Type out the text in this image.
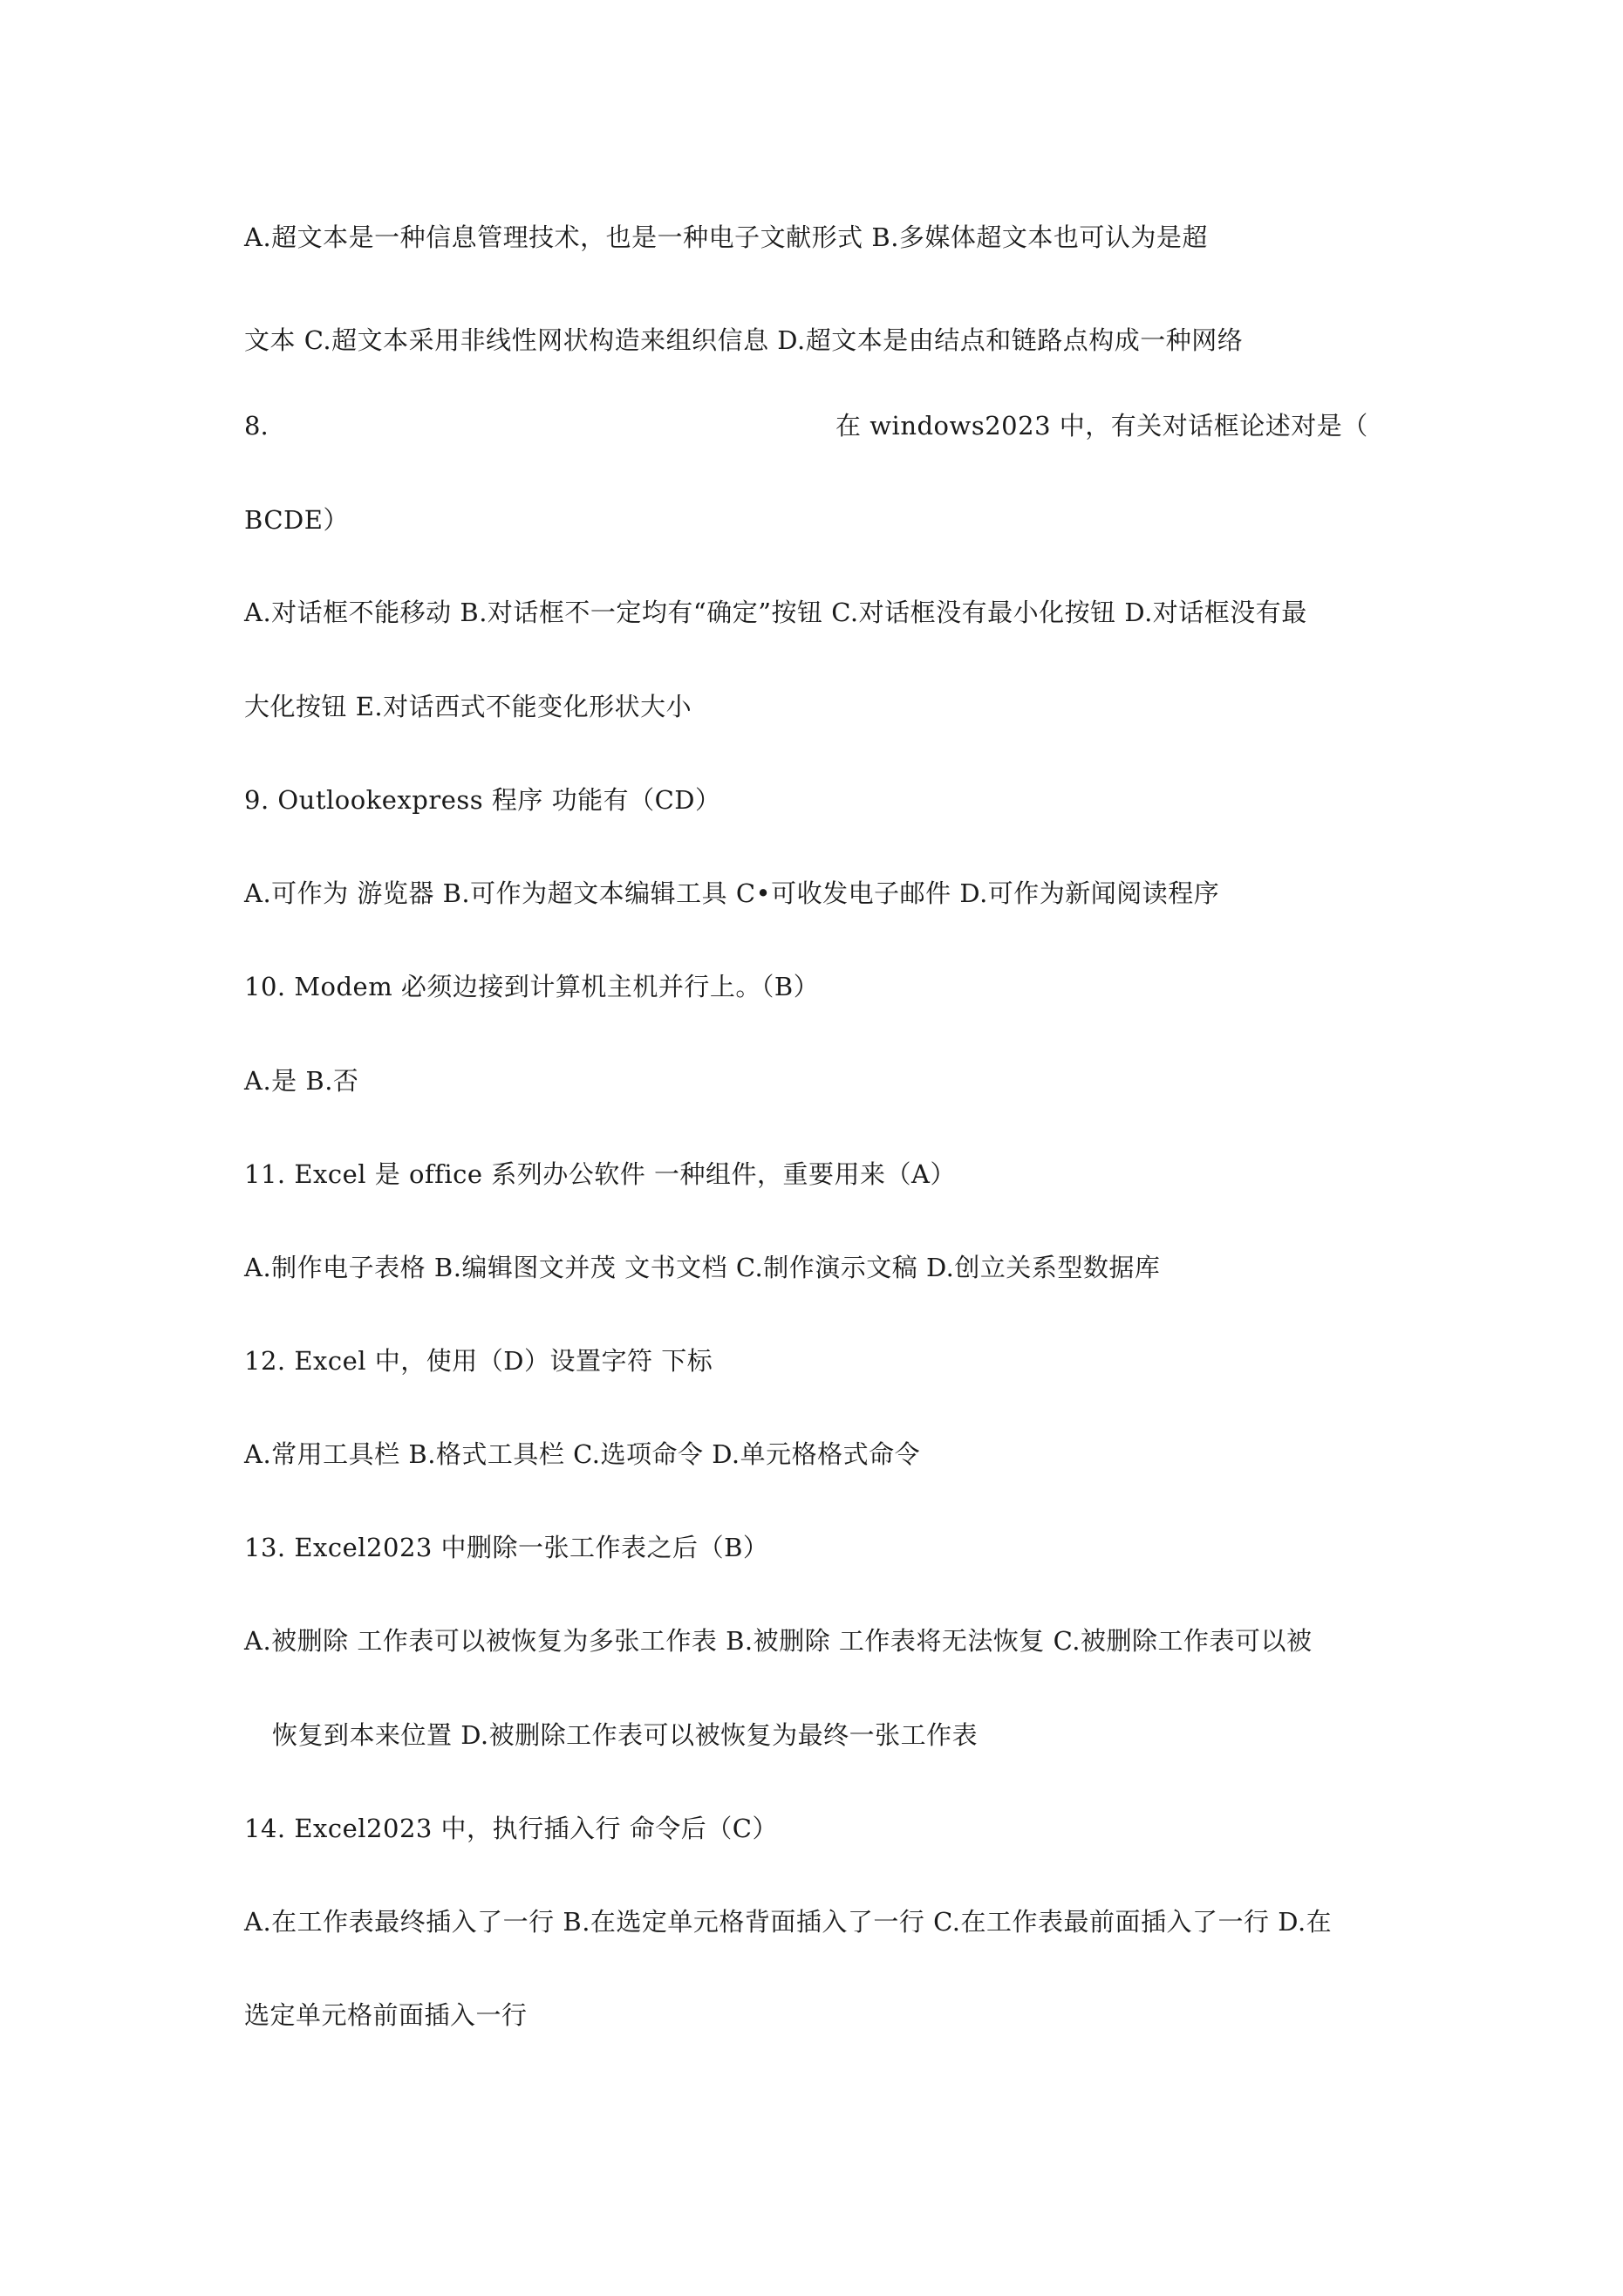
A.超文本是一种信息管理技术，也是一种电子文献形式 B.多媒体超文本也可认为是超
文本 C.超文本采用非线性网状构造来组织信息 D.超文本是由结点和链路点构成一种网络
8.	在 windows2023 中，有关对话框论述对是（
BCDE）
A.对话框不能移动 B.对话框不一定均有“确定”按钮 C.对话框没有最小化按钮 D.对话框没有最
大化按钮 E.对话西式不能变化形状大小
9. Outlookexpress 程序 功能有（CD）
A.可作为 游览器 B.可作为超文本编辑工具 C•可收发电子邮件 D.可作为新闻阅读程序
10. Modem 必须边接到计算机主机并行上。（B）
A.是 B.否
11. Excel 是 office 系列办公软件 一种组件，重要用来（A）
A.制作电子表格 B.编辑图文并茂 文书文档 C.制作演示文稿 D.创立关系型数据库
12. Excel 中，使用（D）设置字符 下标
A.常用工具栏 B.格式工具栏 C.选项命令 D.单元格格式命令
13. Excel2023 中删除一张工作表之后（B）
A.被删除 工作表可以被恢复为多张工作表 B.被删除 工作表将无法恢复 C.被删除工作表可以被
恢复到本来位置 D.被删除工作表可以被恢复为最终一张工作表
14. Excel2023 中，执行插入行 命令后（C）
A.在工作表最终插入了一行 B.在选定单元格背面插入了一行 C.在工作表最前面插入了一行 D.在
选定单元格前面插入一行
